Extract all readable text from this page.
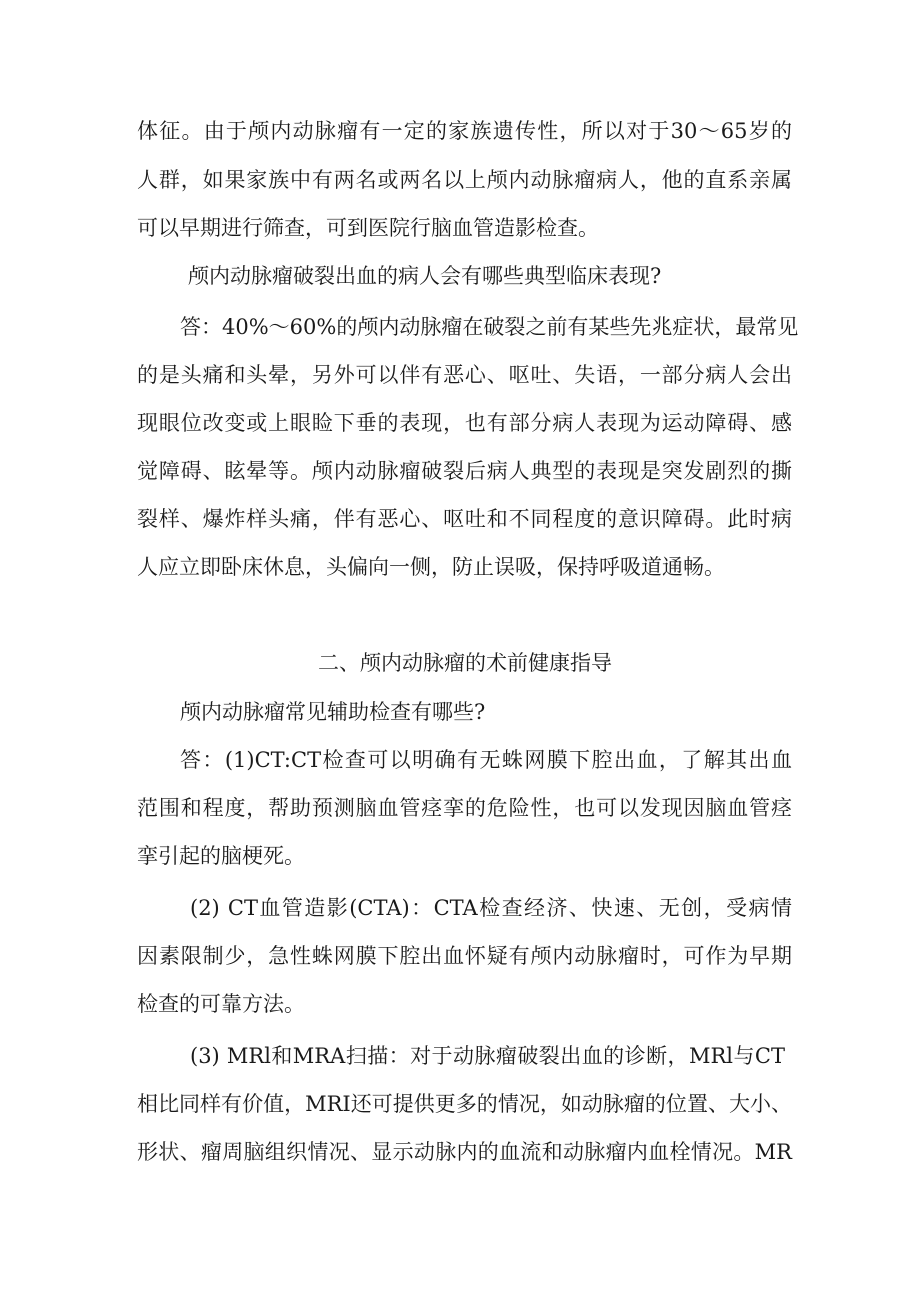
体征。由于颅内动脉瘤有一定的家族遗传性，所以对于30～65岁的

人群，如果家族中有两名或两名以上颅内动脉瘤病人，他的直系亲属

可以早期进行筛查，可到医院行脑血管造影检查。

颅内动脉瘤破裂出血的病人会有哪些典型临床表现?

答：40%～60%的颅内动脉瘤在破裂之前有某些先兆症状，最常见

的是头痛和头晕，另外可以伴有恶心、呕吐、失语，一部分病人会出

现眼位改变或上眼睑下垂的表现，也有部分病人表现为运动障碍、感

觉障碍、眩晕等。颅内动脉瘤破裂后病人典型的表现是突发剧烈的撕

裂样、爆炸样头痛，伴有恶心、呕吐和不同程度的意识障碍。此时病

人应立即卧床休息，头偏向一侧，防止误吸，保持呼吸道通畅。

二、颅内动脉瘤的术前健康指导

颅内动脉瘤常见辅助检查有哪些?

答：(1)CT:CT检查可以明确有无蛛网膜下腔出血，了解其出血

范围和程度，帮助预测脑血管痉挛的危险性，也可以发现因脑血管痉

挛引起的脑梗死。

(2) CT血管造影(CTA)：CTA检查经济、快速、无创，受病情

因素限制少，急性蛛网膜下腔出血怀疑有颅内动脉瘤时，可作为早期

检查的可靠方法。

(3) MRl和MRA扫描：对于动脉瘤破裂出血的诊断，MRl与CT

相比同样有价值，MRI还可提供更多的情况，如动脉瘤的位置、大小、

形状、瘤周脑组织情况、显示动脉内的血流和动脉瘤内血栓情况。MR
